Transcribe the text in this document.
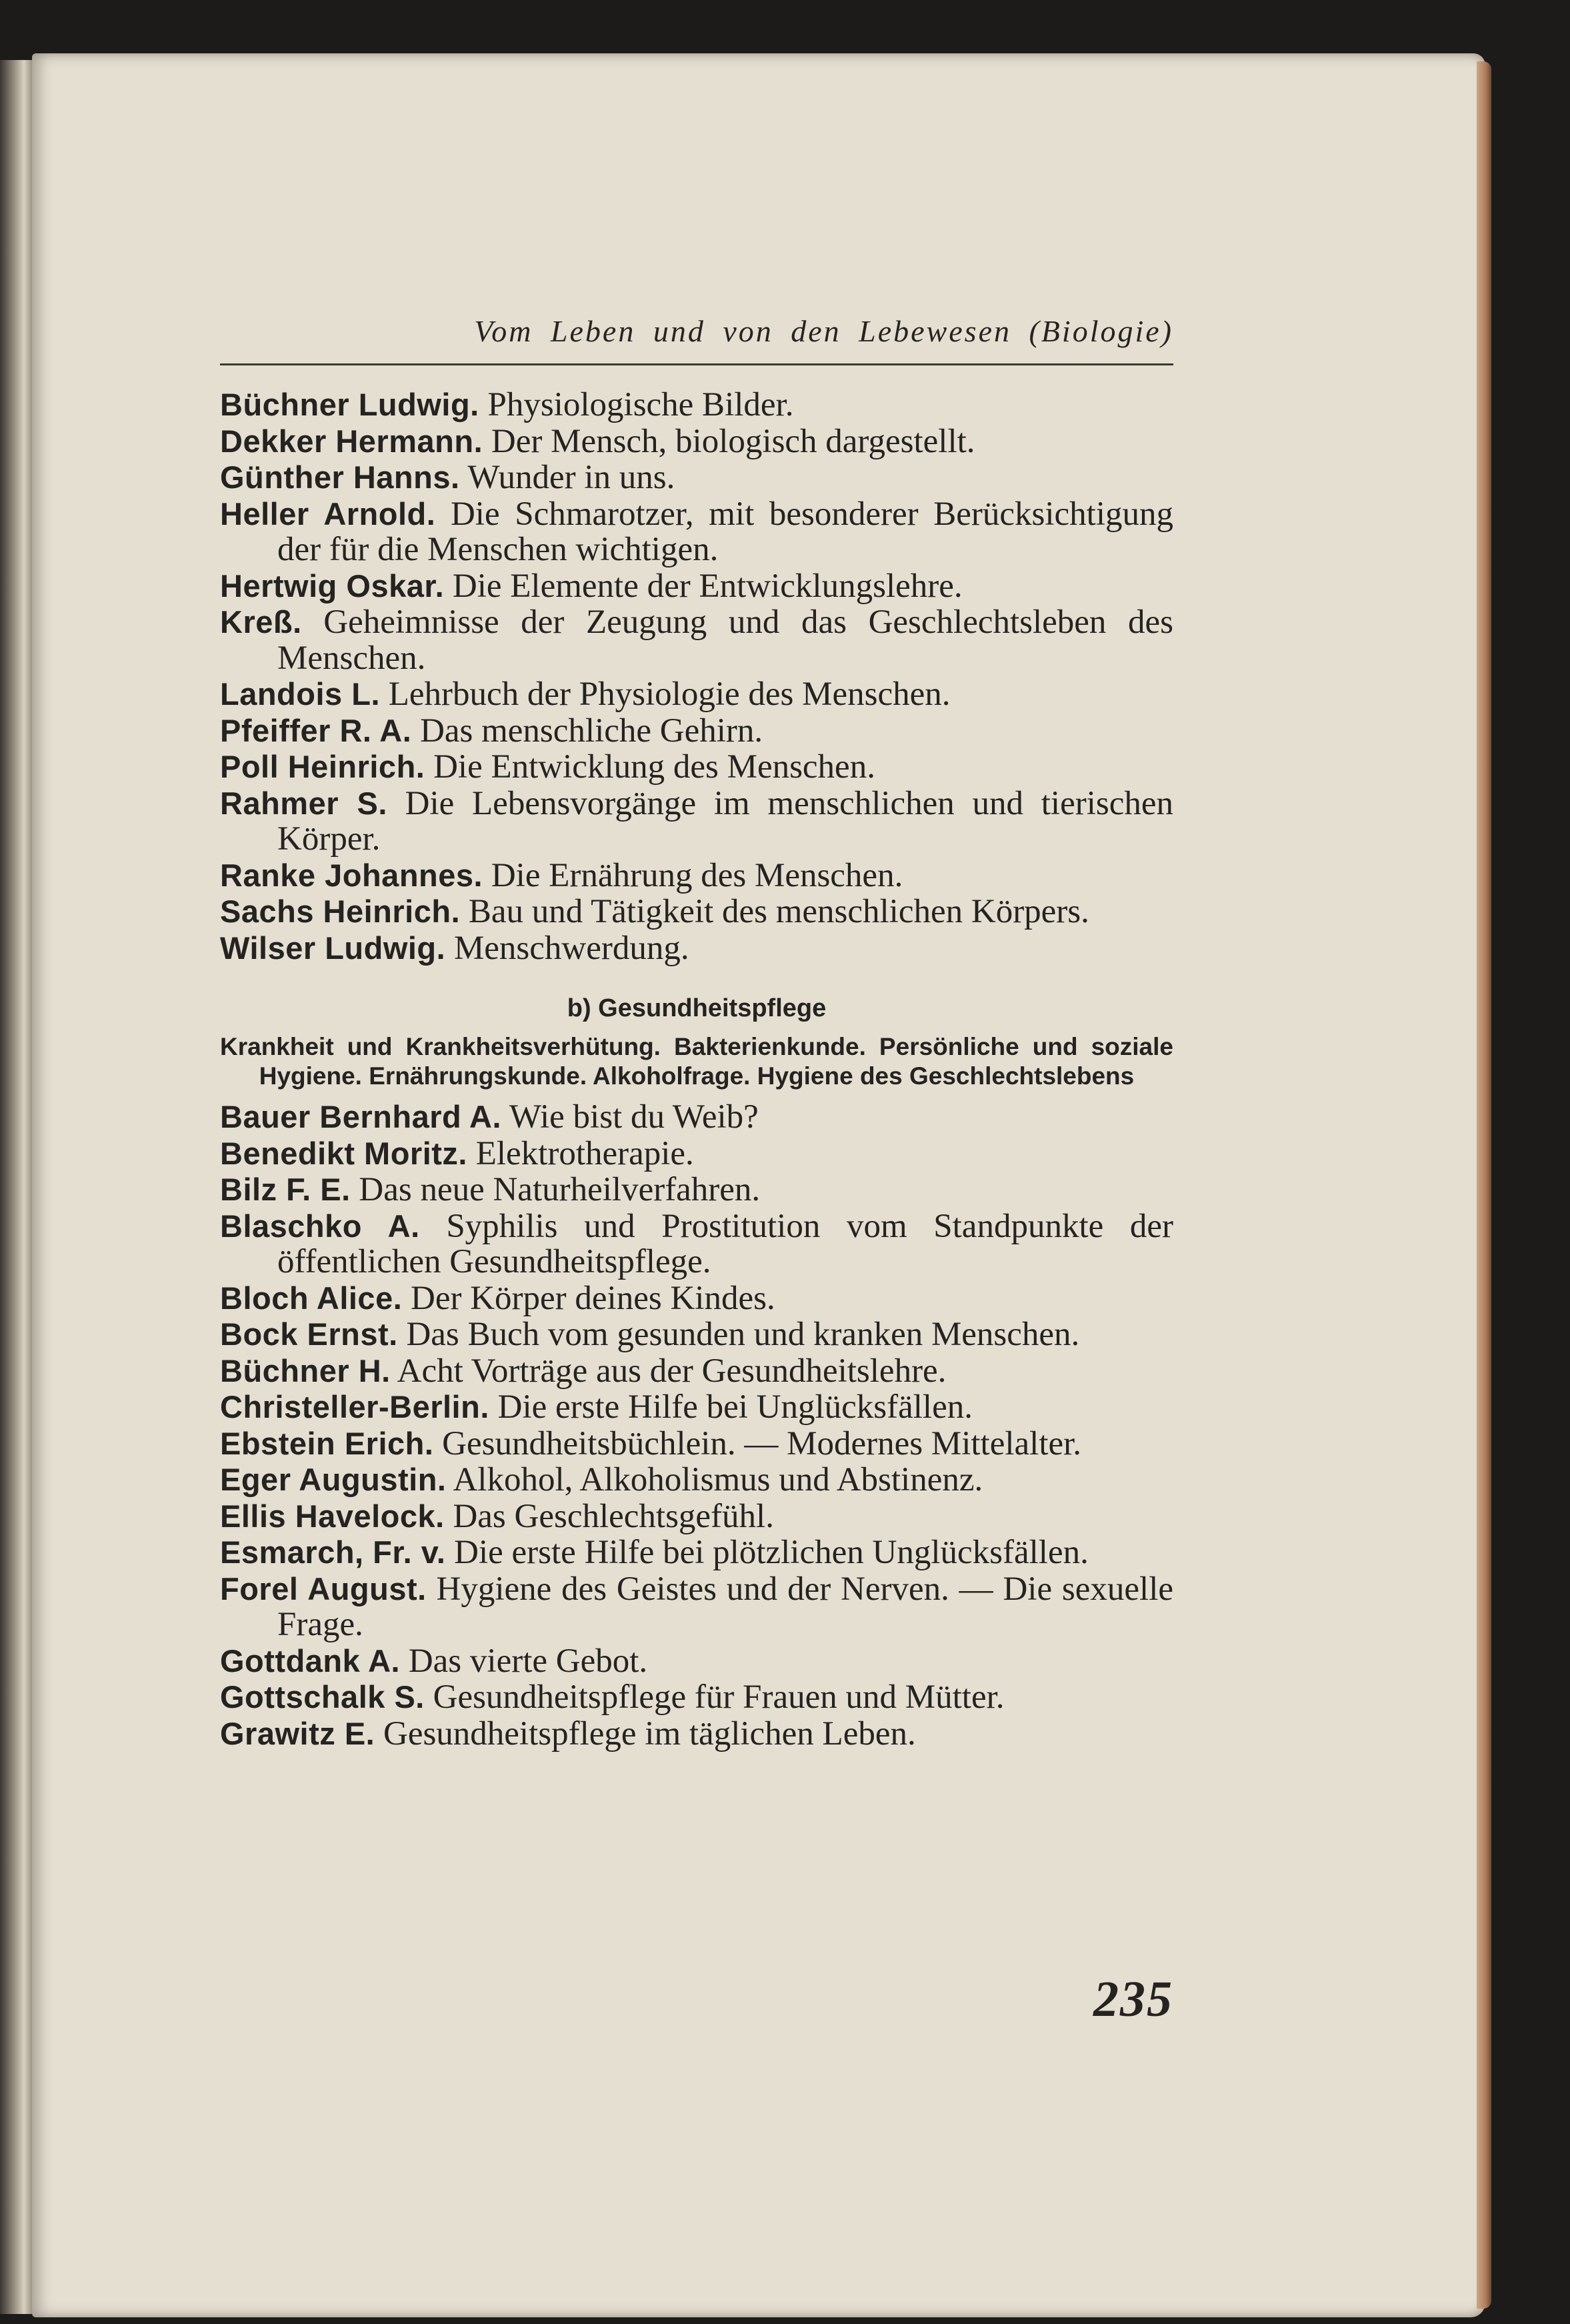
Vom Leben und von den Lebewesen (Biologie)

Büchner Ludwig. Physiologische Bilder.

Dekker Hermann. Der Mensch, biologisch dargestellt.

Günther Hanns. Wunder in uns.

Heller Arnold. Die Schmarotzer, mit besonderer Berücksichtigung der für die Menschen wichtigen.

Hertwig Oskar. Die Elemente der Entwicklungslehre.

Kreß. Geheimnisse der Zeugung und das Geschlechtsleben des Menschen.

Landois L. Lehrbuch der Physiologie des Menschen.

Pfeiffer R. A. Das menschliche Gehirn.

Poll Heinrich. Die Entwicklung des Menschen.

Rahmer S. Die Lebensvorgänge im menschlichen und tierischen Körper.

Ranke Johannes. Die Ernährung des Menschen.

Sachs Heinrich. Bau und Tätigkeit des menschlichen Körpers.

Wilser Ludwig. Menschwerdung.

b) Gesundheitspflege
Krankheit und Krankheitsverhütung. Bakterienkunde. Persönliche und soziale Hygiene. Ernährungskunde. Alkoholfrage. Hygiene des Geschlechtslebens

Bauer Bernhard A. Wie bist du Weib?

Benedikt Moritz. Elektrotherapie.

Bilz F. E. Das neue Naturheilverfahren.

Blaschko A. Syphilis und Prostitution vom Standpunkte der öffentlichen Gesundheitspflege.

Bloch Alice. Der Körper deines Kindes.

Bock Ernst. Das Buch vom gesunden und kranken Menschen.

Büchner H. Acht Vorträge aus der Gesundheitslehre.

Christeller-Berlin. Die erste Hilfe bei Unglücksfällen.

Ebstein Erich. Gesundheitsbüchlein. — Modernes Mittelalter.

Eger Augustin. Alkohol, Alkoholismus und Abstinenz.

Ellis Havelock. Das Geschlechtsgefühl.

Esmarch, Fr. v. Die erste Hilfe bei plötzlichen Unglücksfällen.

Forel August. Hygiene des Geistes und der Nerven. — Die sexuelle Frage.

Gottdank A. Das vierte Gebot.

Gottschalk S. Gesundheitspflege für Frauen und Mütter.

Grawitz E. Gesundheitspflege im täglichen Leben.

235
